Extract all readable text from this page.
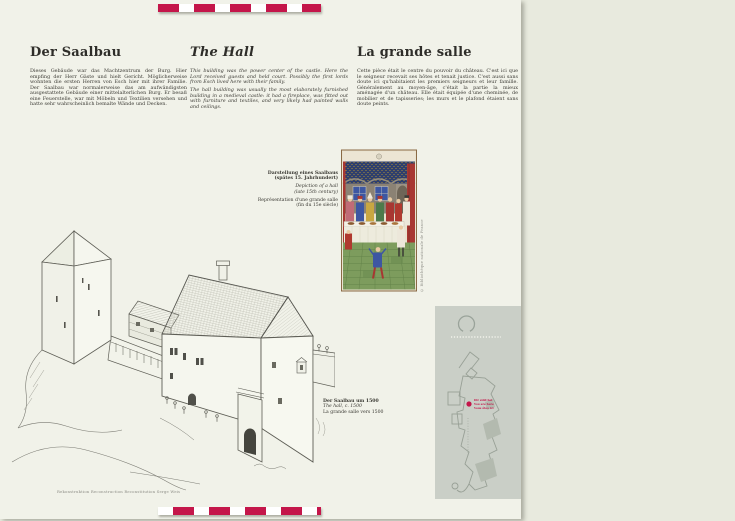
Der Saalbau

Dieses Gebäude war das Machtzentrum der Burg. Hier empfing der Herr Gäste und hielt Gericht. Möglicherweise wohnten die ersten Herren von Esch hier mit ihrer Familie. Der Saalbau war normalerweise das am aufwändigsten ausgestattete Gebäude einer mittelalterlichen Burg. Er besaß eine Feuerstelle, war mit Möbeln und Textilien versehen und hatte sehr wahrscheinlich bemalte Wände und Decken.

The Hall

This building was the power center of the castle. Here the Lord received guests and held court. Possibly the first lords from Esch lived here with their family.

The hall building was usually the most elaborately furnished building in a medieval castle: it had a fireplace, was fitted out with furniture and textiles, and very likely had painted walls and ceilings.

La grande salle

Cette pièce était le centre du pouvoir du château. C'est ici que le seigneur recevait ses hôtes et tenait justice. C'est aussi sans doute ici qu'habitaient les premiers seigneurs et leur famille. Généralement au moyen-âge, c'était la partie la mieux aménagée d'un château. Elle était équipée d'une cheminée, de mobilier et de tapisseries; les murs et le plafond étaient sans doute peints.

Darstellung eines Saalbaus

(spätes 15. Jahrhundert)

Depiction of a hall

(late 15th century)

Représentation d'une grande salle

(fin du 15e siècle)

© Bibliothèque nationale de France

Der Saalbau um 1500

The hall, c. 1500

La grande salle vers 1500

Rekonstruktion Reconstruction Reconstitution Serge Weis
Dir sidd hei
You are here
Vous êtes ici
